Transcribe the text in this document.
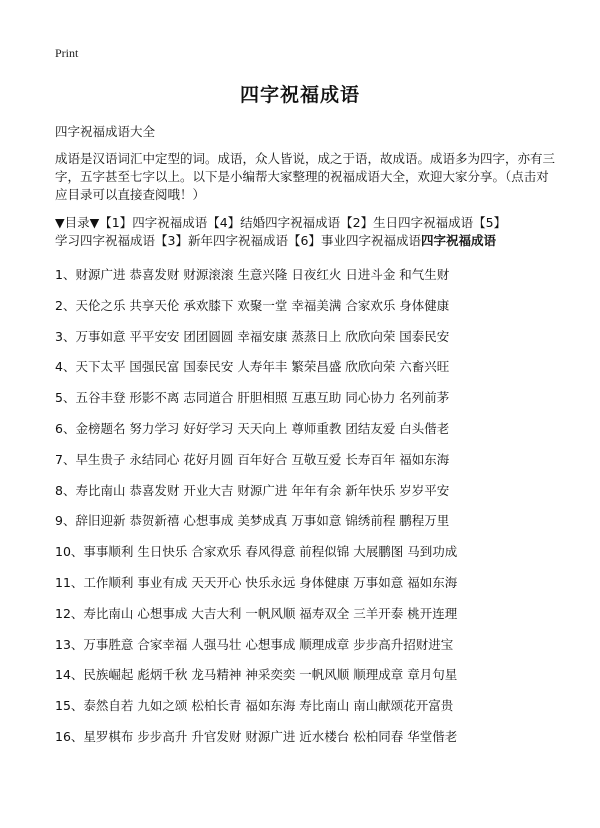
Print
四字祝福成语

四字祝福成语大全

成语是汉语词汇中定型的词。成语，众人皆说，成之于语，故成语。成语多为四字，亦有三字，五字甚至七字以上。以下是小编帮大家整理的祝福成语大全，欢迎大家分享。（点击对应目录可以直接查阅哦！）

▼目录▼【1】四字祝福成语【4】结婚四字祝福成语【2】生日四字祝福成语【5】学习四字祝福成语【3】新年四字祝福成语【6】事业四字祝福成语四字祝福成语
1、财源广进 恭喜发财 财源滚滚 生意兴隆 日夜红火 日进斗金 和气生财
2、天伦之乐 共享天伦 承欢膝下 欢聚一堂 幸福美满 合家欢乐 身体健康
3、万事如意 平平安安 团团圆圆 幸福安康 蒸蒸日上 欣欣向荣 国泰民安
4、天下太平 国强民富 国泰民安 人寿年丰 繁荣昌盛 欣欣向荣 六畜兴旺
5、五谷丰登 形影不离 志同道合 肝胆相照 互惠互助 同心协力 名列前茅
6、金榜题名 努力学习 好好学习 天天向上 尊师重教 团结友爱 白头偕老
7、早生贵子 永结同心 花好月圆 百年好合 互敬互爱 长寿百年 福如东海
8、寿比南山 恭喜发财 开业大吉 财源广进 年年有余 新年快乐 岁岁平安
9、辞旧迎新 恭贺新禧 心想事成 美梦成真 万事如意 锦绣前程 鹏程万里
10、事事顺利 生日快乐 合家欢乐 春风得意 前程似锦 大展鹏图 马到功成
11、工作顺利 事业有成 天天开心 快乐永远 身体健康 万事如意 福如东海
12、寿比南山 心想事成 大吉大利 一帆风顺 福寿双全 三羊开泰 桃开连理
13、万事胜意 合家幸福 人强马壮 心想事成 顺理成章 步步高升招财进宝
14、民族崛起 彪炳千秋 龙马精神 神采奕奕 一帆风顺 顺理成章 章月句星
15、泰然自若 九如之颂 松柏长青 福如东海 寿比南山 南山献颂花开富贵
16、星罗棋布 步步高升 升官发财 财源广进 近水楼台 松柏同春 华堂偕老
